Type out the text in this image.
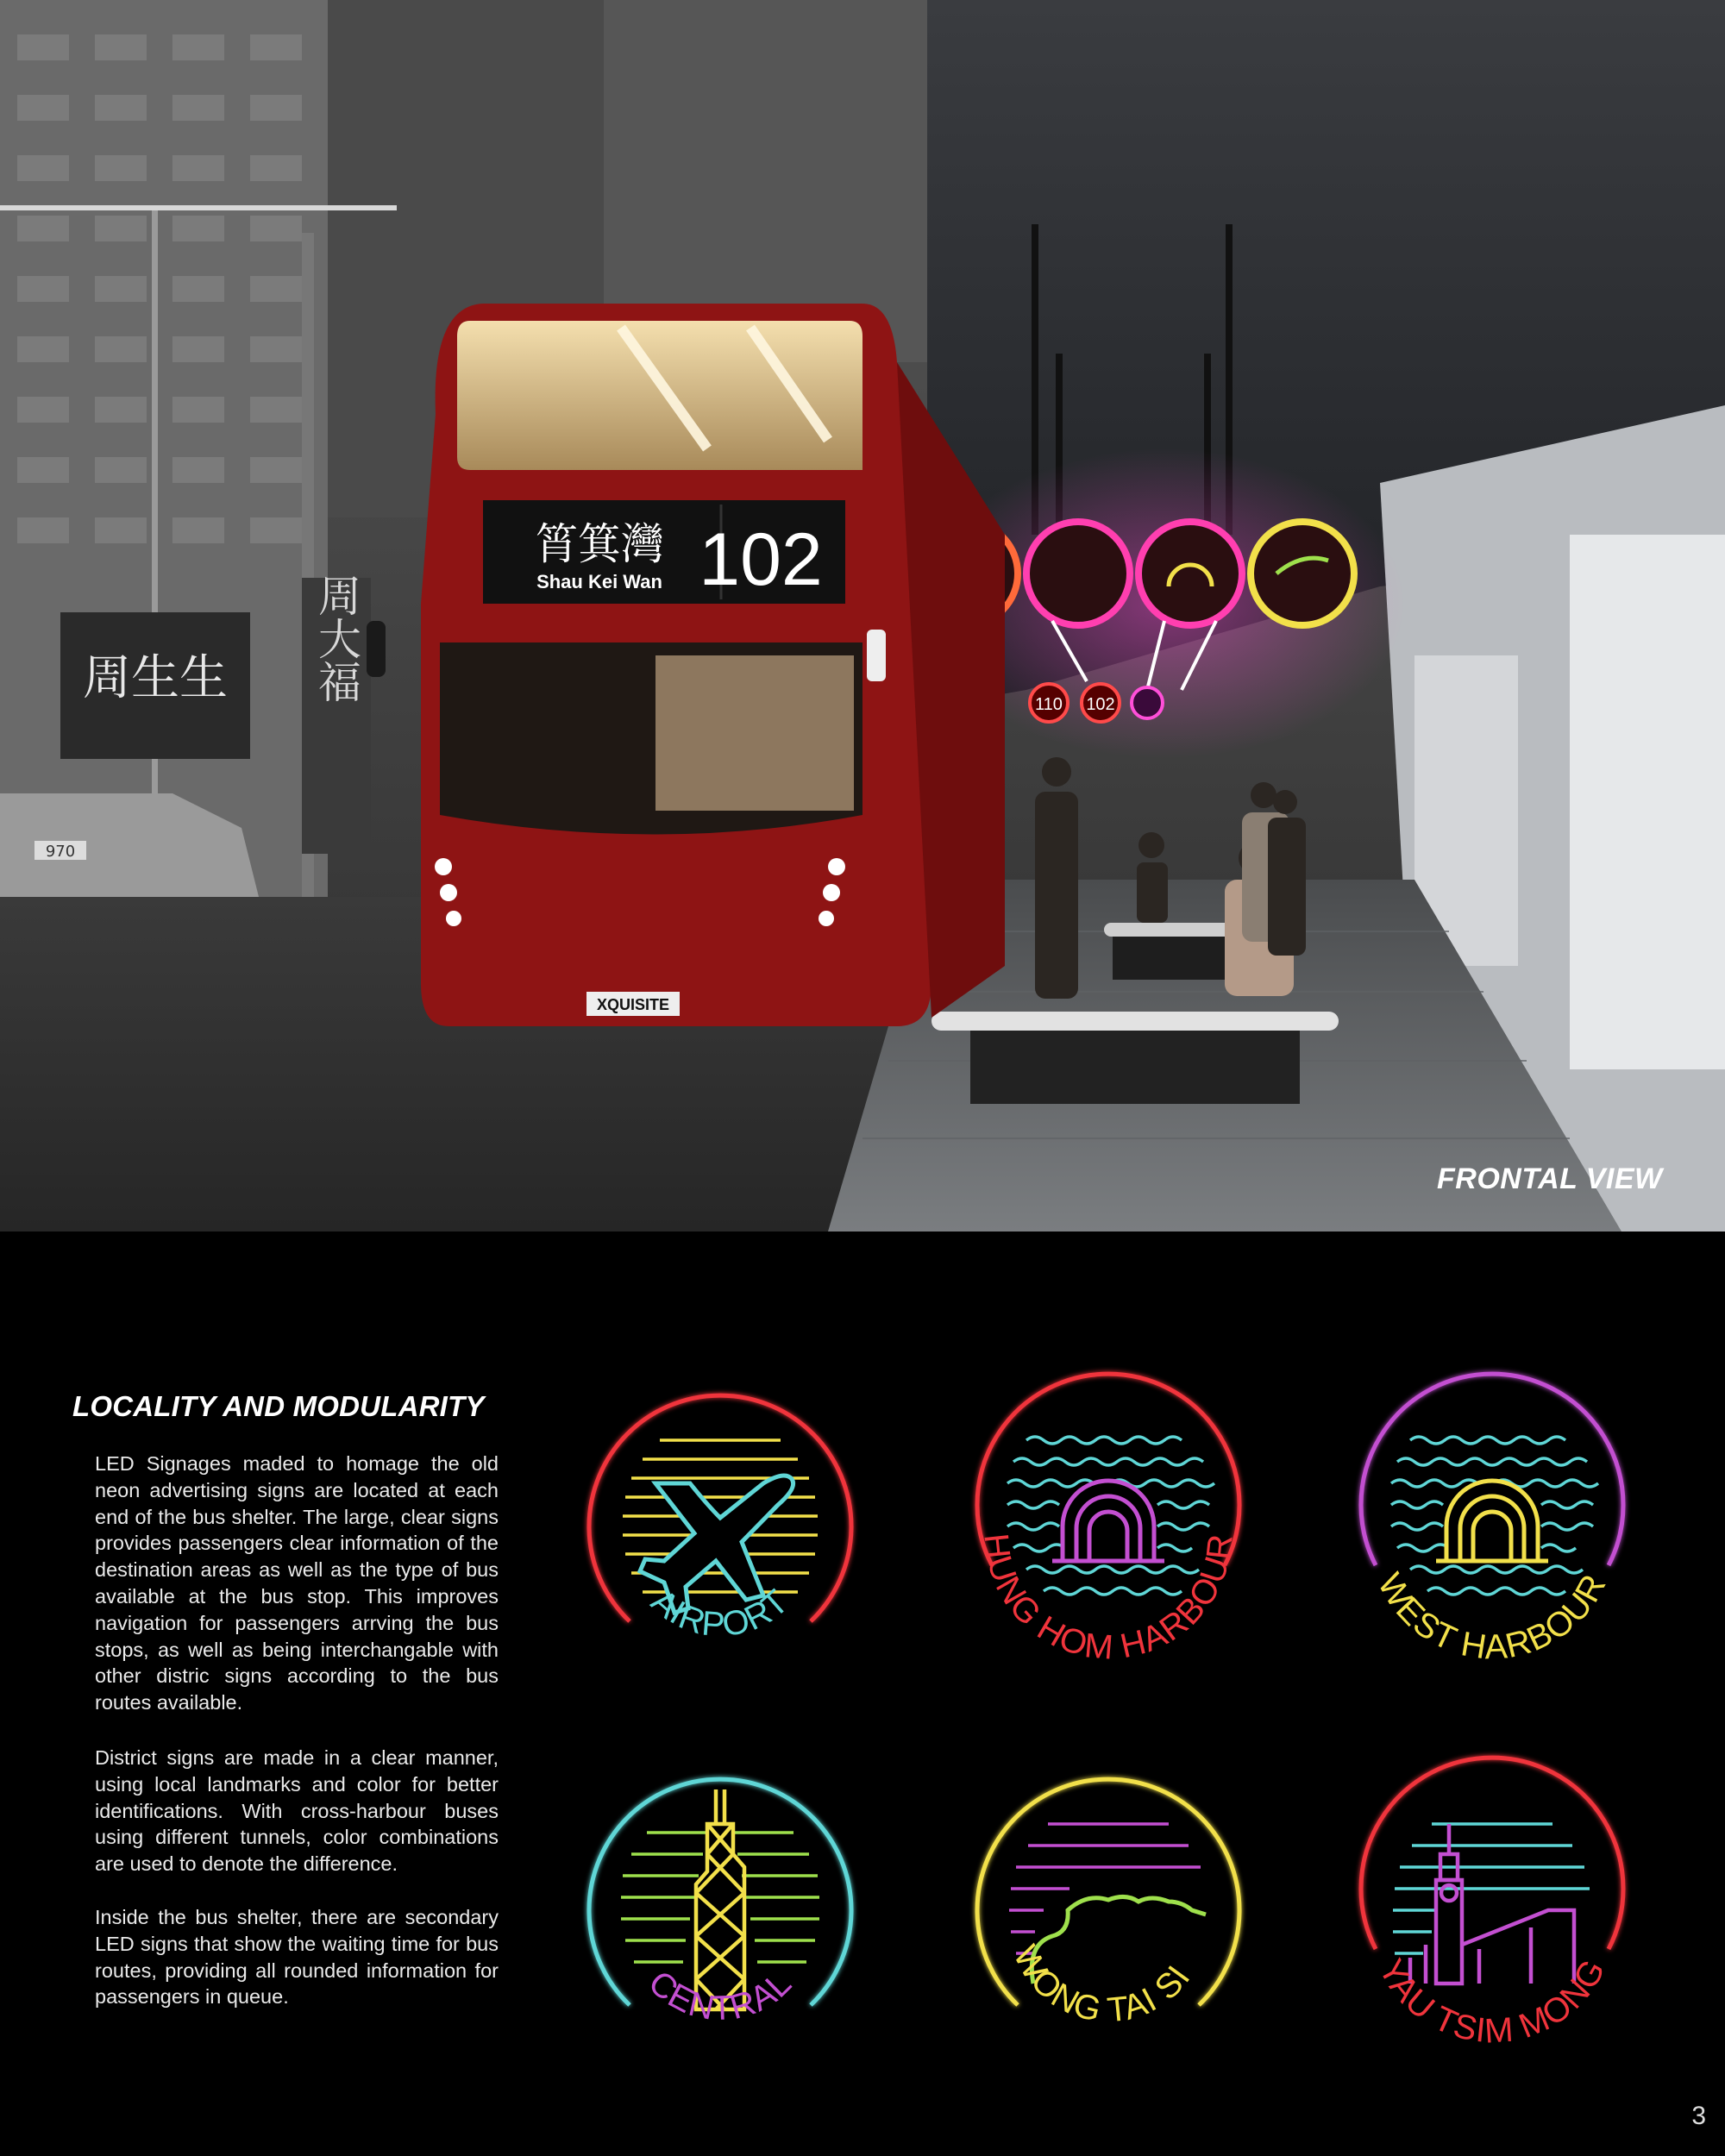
周生生 周大福
970
110 102
筲箕灣
Shau Kei Wan 102
XQUISITE
FRONTAL VIEW
LOCALITY AND MODULARITY
LED Signages maded to homage the old neon advertising signs are located at each end of the bus shelter. The large, clear signs provides passengers clear information of the destination areas as well as the type of bus available at the bus stop. This improves navigation for passengers arrving the bus stops, as well as being interchangable with other distric signs according to the bus routes available.
District signs are made in a clear manner, using local landmarks and color for better identifications. With cross-harbour buses using different tunnels, color combinations are used to denote the difference.
Inside the bus shelter, there are secondary LED signs that show the waiting time for bus routes, providing all rounded information for passengers in queue.
AIRPORT
HUNG HOM HARBOUR
WEST HARBOUR
CENTRAL	WONG TAI SIN
YAU TSIM MONG
3
